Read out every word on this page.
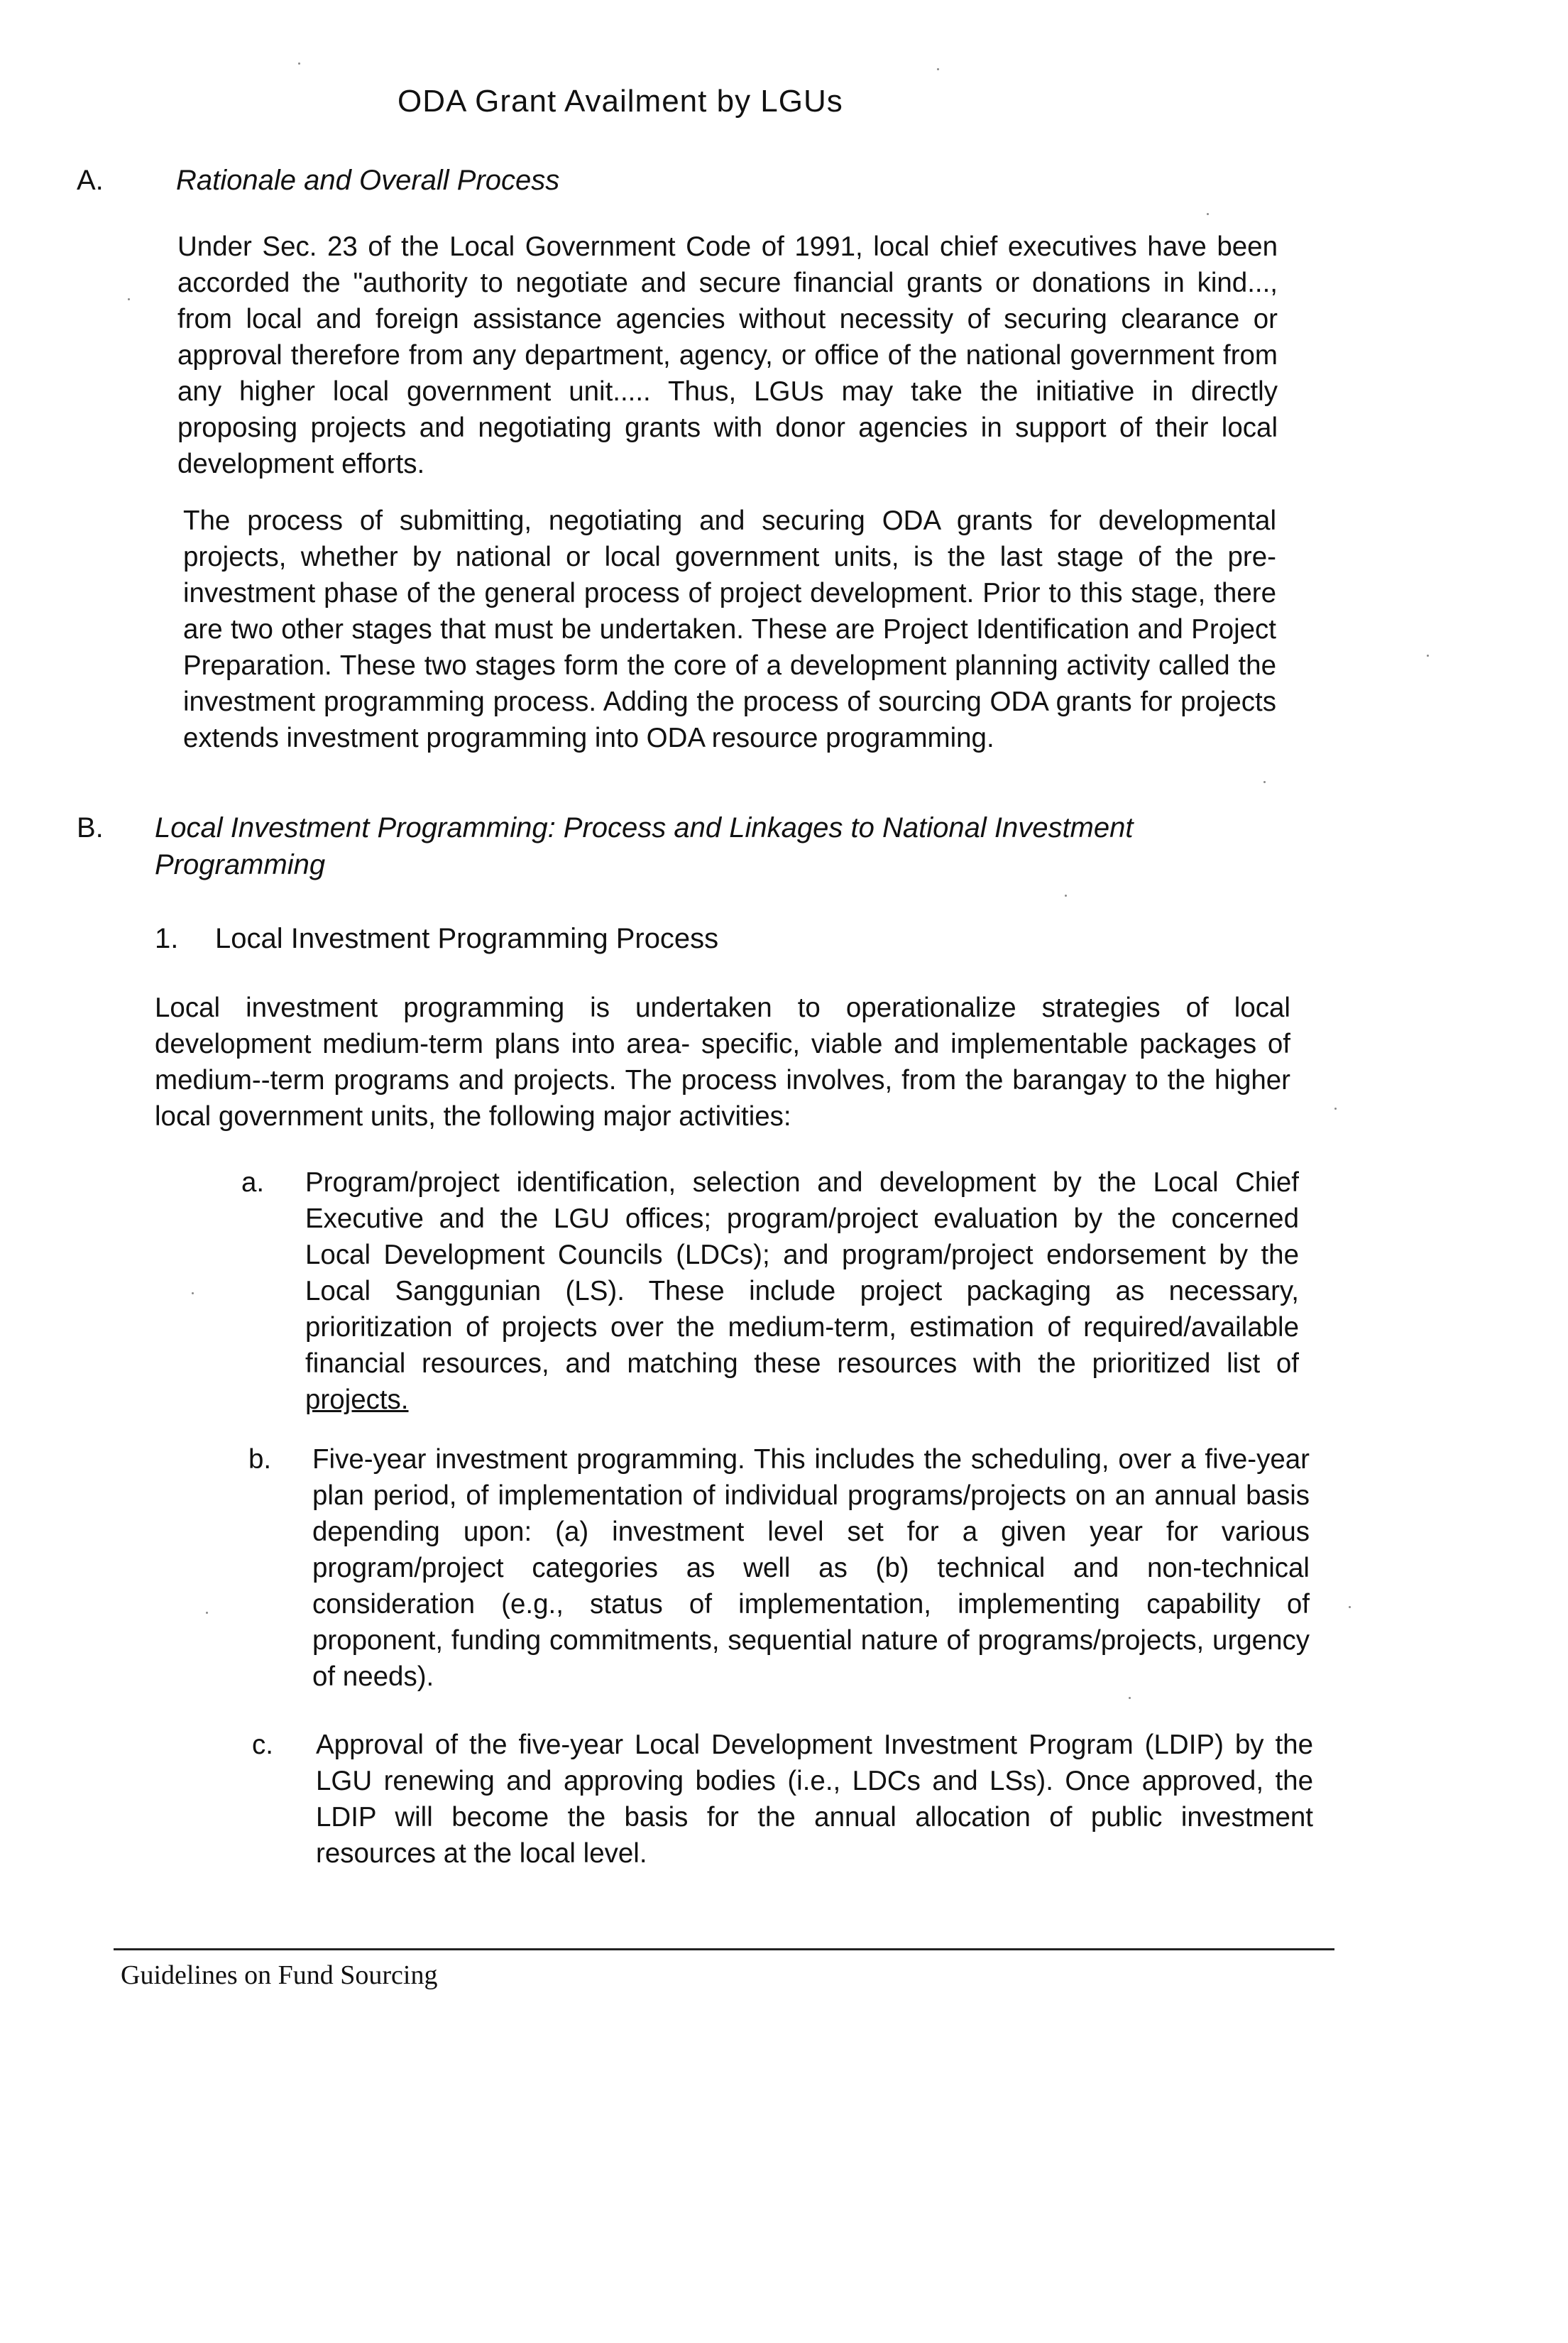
ODA Grant Availment by LGUs
A.	Rationale and Overall Process

Under Sec. 23 of the Local Government Code of 1991, local chief executives have been accorded the "authority to negotiate and secure financial grants or donations in kind..., from local and foreign assistance agencies without necessity of securing clearance or approval therefore from any department, agency, or office of the national government from any higher local government unit..... Thus, LGUs may take the initiative in directly proposing projects and negotiating grants with donor agencies in support of their local development efforts.

The process of submitting, negotiating and securing ODA grants for developmental projects, whether by national or local government units, is the last stage of the pre- investment phase of the general process of project development. Prior to this stage, there are two other stages that must be undertaken. These are Project Identification and Project Preparation. These two stages form the core of a development planning activity called the investment programming process. Adding the process of sourcing ODA grants for projects extends investment programming into ODA resource programming.

B. Local Investment Programming: Process and Linkages to National Investment
Programming
1. Local Investment Programming Process

Local investment programming is undertaken to operationalize strategies of local development medium-term plans into area- specific, viable and implementable packages of medium--term programs and projects. The process involves, from the barangay to the higher local government units, the following major activities:

a.	Program/project identification, selection and development by the Local Chief Executive and the LGU offices; program/project evaluation by the concerned Local Development Councils (LDCs); and program/project endorsement by the Local Sanggunian (LS). These include project packaging as necessary, prioritization of projects over the medium-term, estimation of required/available financial resources, and matching these resources with the prioritized list of projects.

b.	Five-year investment programming. This includes the scheduling, over a five-year plan period, of implementation of individual programs/projects on an annual basis depending upon: (a) investment level set for a given year for various program/project categories as well as (b) technical and non-technical consideration (e.g., status of implementation, implementing capability of proponent, funding commitments, sequential nature of programs/projects, urgency of needs).

c.	Approval of the five-year Local Development Investment Program (LDIP) by the LGU renewing and approving bodies (i.e., LDCs and LSs). Once approved, the LDIP will become the basis for the annual allocation of public investment resources at the local level.

Guidelines on Fund Sourcing
